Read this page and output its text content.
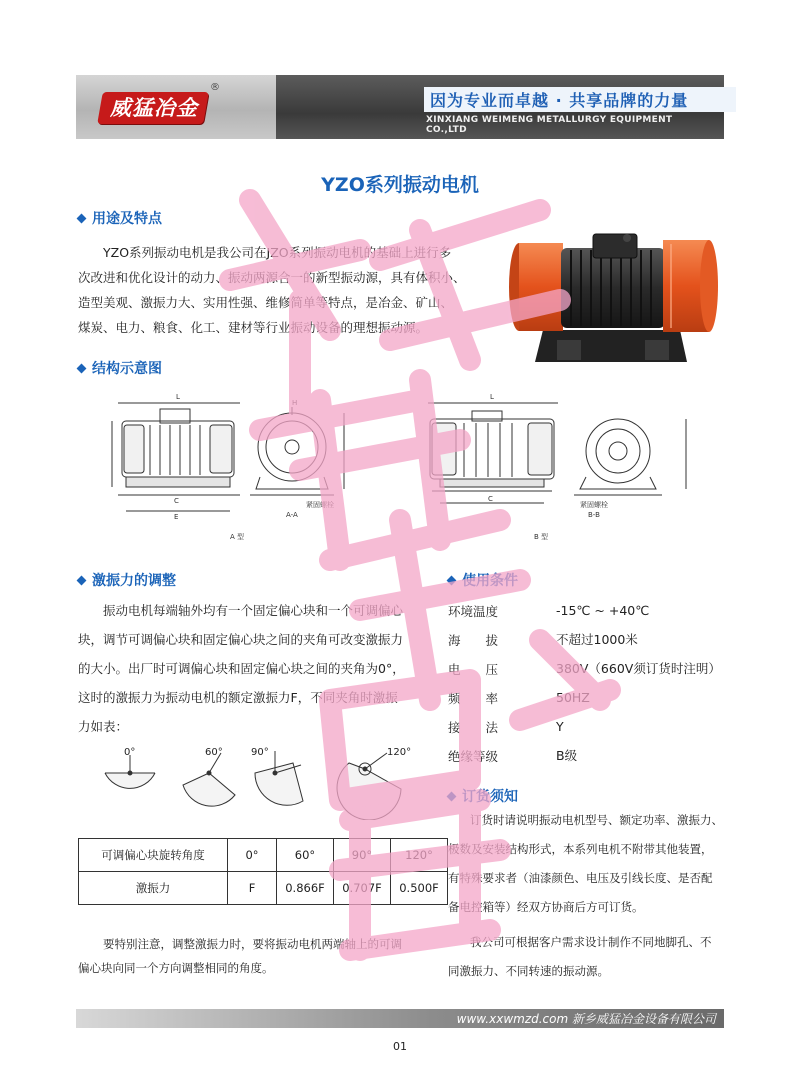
威猛冶金
®
因为专业而卓越 · 共享品牌的力量
XINXIANG WEIMENG METALLURGY EQUIPMENT CO.,LTD
YZO系列振动电机
用途及特点
YZO系列振动电机是我公司在JZO系列振动电机的基础上进行多
次改进和优化设计的动力、振动两源合一的新型振动源，具有体积小、
造型美观、激振力大、实用性强、维修简单等特点，是冶金、矿山、
煤炭、电力、粮食、化工、建材等行业振动设备的理想振动源。
结构示意图
L
C
E
H
紧固螺栓
A-A
L
C
紧固螺栓
B-B
A 型	B 型
激振力的调整
振动电机每端轴外均有一个固定偏心块和一个可调偏心
块，调节可调偏心块和固定偏心块之间的夹角可改变激振力
的大小。出厂时可调偏心块和固定偏心块之间的夹角为0°，
这时的激振力为振动电机的额定激振力F，不同夹角时激振
力如表：
0°	60°	90°	120°
可调偏心块旋转角度	0°	60°	90°	120°
激振力	F	0.866F	0.707F	0.500F
要特别注意，调整激振力时，要将振动电机两端轴上的可调
偏心块向同一个方向调整相同的角度。
使用条件
环境温度	-15℃ ~ +40℃
海　　拔	不超过1000米
电　　压	380V（660V须订货时注明）
频　　率	50HZ
接　　法	Y
绝缘等级	B级
订货须知
订货时请说明振动电机型号、额定功率、激振力、
极数及安装结构形式，本系列电机不附带其他装置，
有特殊要求者（油漆颜色、电压及引线长度、是否配
备电控箱等）经双方协商后方可订货。
我公司可根据客户需求设计制作不同地脚孔、不
同激振力、不同转速的振动源。
www.xxwmzd.com 新乡威猛冶金设备有限公司
01
